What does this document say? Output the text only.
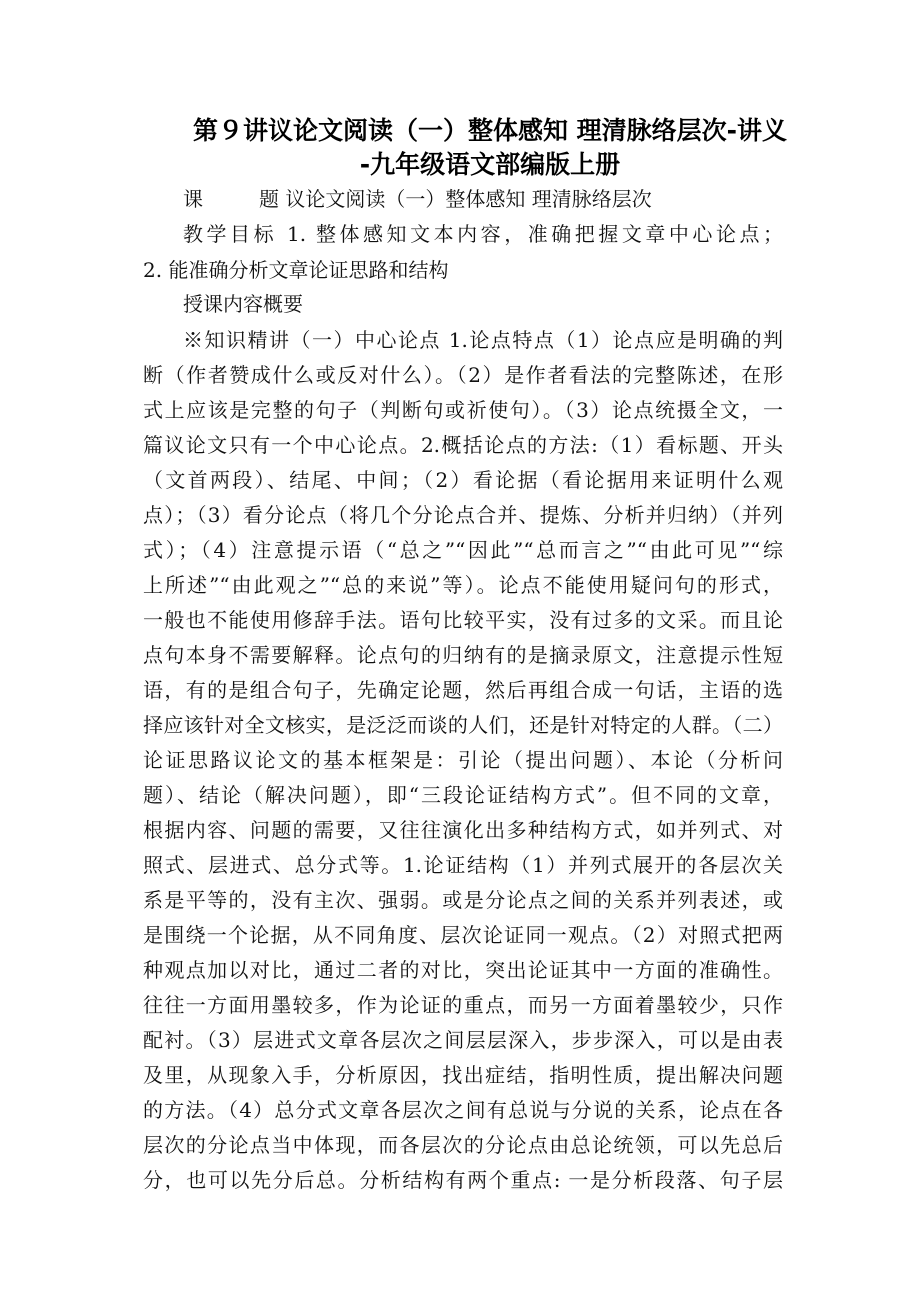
第９讲议论文阅读（一）整体感知 理清脉络层次-讲义
-九年级语文部编版上册
课	题 议论文阅读（一）整体感知 理清脉络层次
教学目标 1. 整体感知文本内容，准确把握文章中心论点；
2. 能准确分析文章论证思路和结构
授课内容概要
※知识精讲（一）中心论点 1.论点特点（1）论点应是明确的判
断（作者赞成什么或反对什么）。（2）是作者看法的完整陈述，在形
式上应该是完整的句子（判断句或祈使句）。（3）论点统摄全文，一
篇议论文只有一个中心论点。2.概括论点的方法:（1）看标题、开头
（文首两段）、结尾、中间；（2）看论据（看论据用来证明什么观
点）；（3）看分论点（将几个分论点合并、提炼、分析并归纳）（并列
式）；（4）注意提示语（“总之”“因此”“总而言之”“由此可见”“综
上所述”“由此观之”“总的来说”等）。论点不能使用疑问句的形式，
一般也不能使用修辞手法。语句比较平实，没有过多的文采。而且论
点句本身不需要解释。论点句的归纳有的是摘录原文，注意提示性短
语，有的是组合句子，先确定论题，然后再组合成一句话，主语的选
择应该针对全文核实，是泛泛而谈的人们，还是针对特定的人群。（二）
论证思路议论文的基本框架是：引论（提出问题）、本论（分析问
题）、结论（解决问题），即“三段论证结构方式”。但不同的文章，
根据内容、问题的需要，又往往演化出多种结构方式，如并列式、对
照式、层进式、总分式等。1.论证结构（1）并列式展开的各层次关
系是平等的，没有主次、强弱。或是分论点之间的关系并列表述，或
是围绕一个论据，从不同角度、层次论证同一观点。（2）对照式把两
种观点加以对比，通过二者的对比，突出论证其中一方面的准确性。
往往一方面用墨较多，作为论证的重点，而另一方面着墨较少，只作
配衬。（3）层进式文章各层次之间层层深入，步步深入，可以是由表
及里，从现象入手，分析原因，找出症结，指明性质，提出解决问题
的方法。（4）总分式文章各层次之间有总说与分说的关系，论点在各
层次的分论点当中体现，而各层次的分论点由总论统领，可以先总后
分，也可以先分后总。分析结构有两个重点: 一是分析段落、句子层
